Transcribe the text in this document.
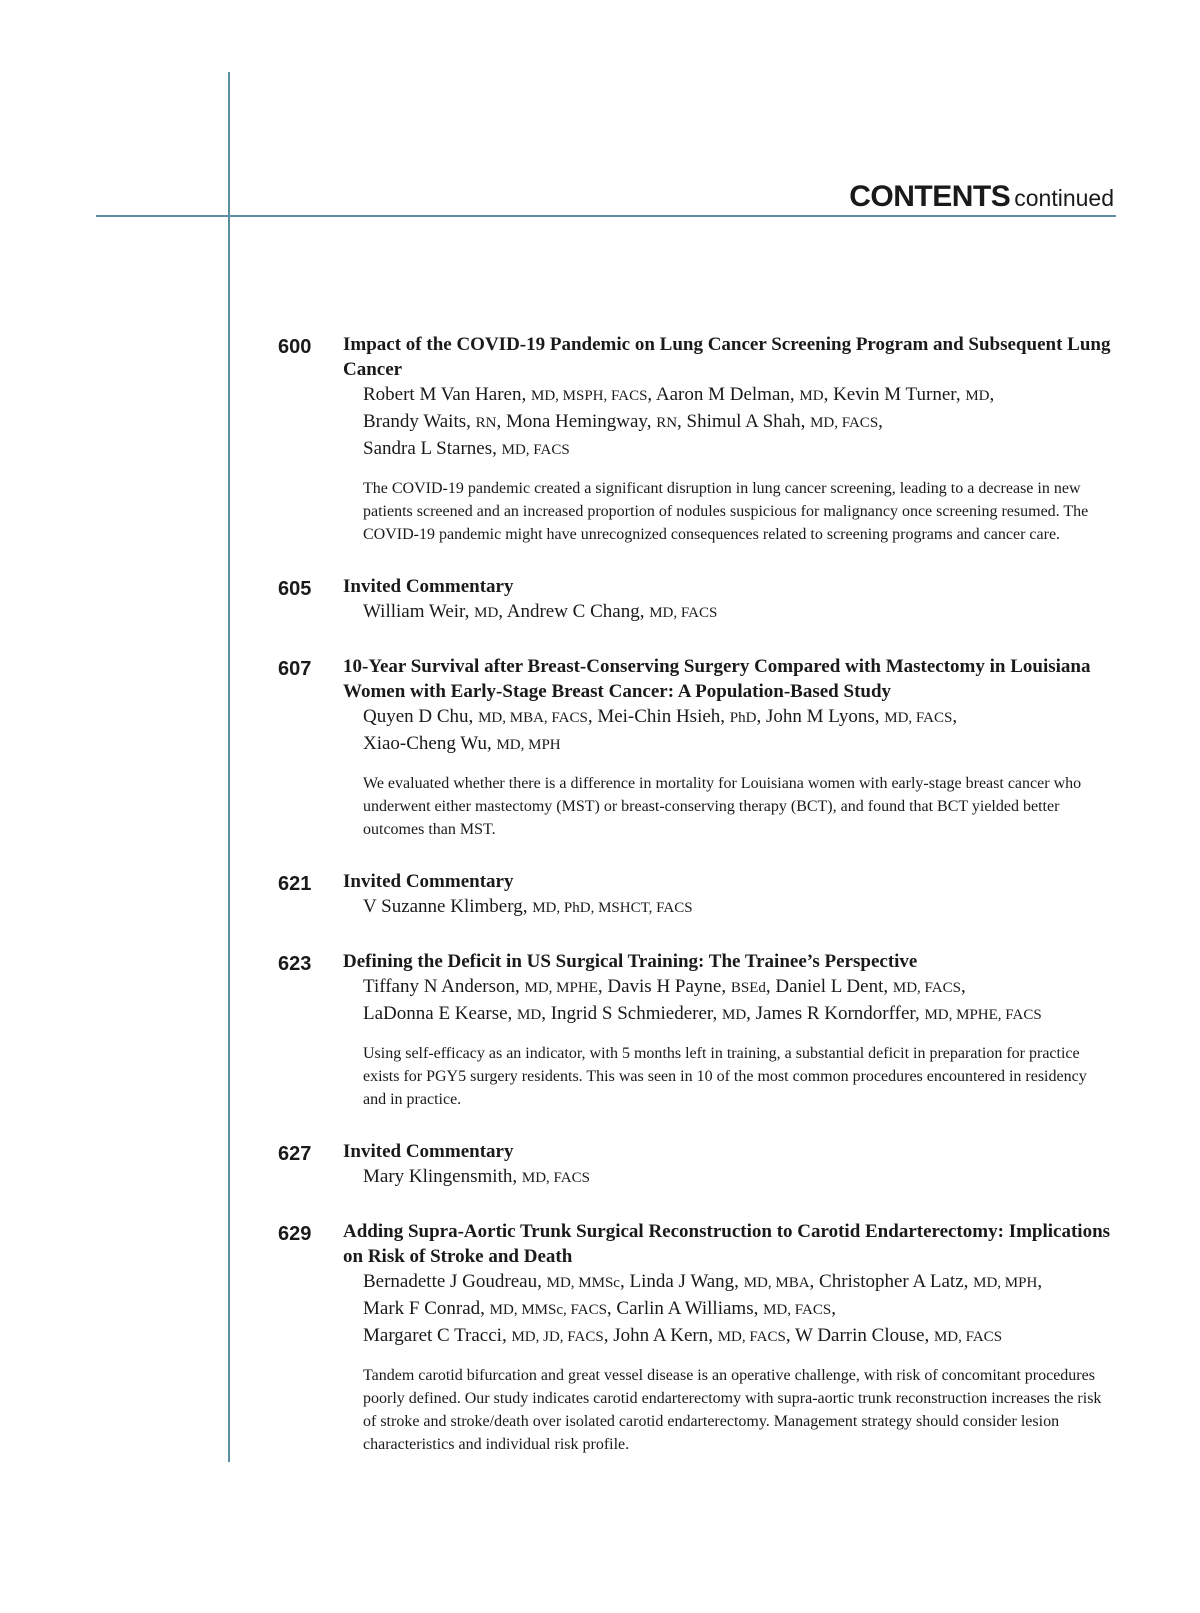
CONTENTS continued
600 Impact of the COVID-19 Pandemic on Lung Cancer Screening Program and Subsequent Lung Cancer
Robert M Van Haren, MD, MSPH, FACS, Aaron M Delman, MD, Kevin M Turner, MD,
Brandy Waits, RN, Mona Hemingway, RN, Shimul A Shah, MD, FACS,
Sandra L Starnes, MD, FACS
The COVID-19 pandemic created a significant disruption in lung cancer screening, leading to a decrease in new patients screened and an increased proportion of nodules suspicious for malignancy once screening resumed. The COVID-19 pandemic might have unrecognized consequences related to screening programs and cancer care.
605 Invited Commentary
William Weir, MD, Andrew C Chang, MD, FACS
607 10-Year Survival after Breast-Conserving Surgery Compared with Mastectomy in Louisiana Women with Early-Stage Breast Cancer: A Population-Based Study
Quyen D Chu, MD, MBA, FACS, Mei-Chin Hsieh, PhD, John M Lyons, MD, FACS,
Xiao-Cheng Wu, MD, MPH
We evaluated whether there is a difference in mortality for Louisiana women with early-stage breast cancer who underwent either mastectomy (MST) or breast-conserving therapy (BCT), and found that BCT yielded better outcomes than MST.
621 Invited Commentary
V Suzanne Klimberg, MD, PhD, MSHCT, FACS
623 Defining the Deficit in US Surgical Training: The Trainee’s Perspective
Tiffany N Anderson, MD, MPHE, Davis H Payne, BSEd, Daniel L Dent, MD, FACS,
LaDonna E Kearse, MD, Ingrid S Schmiederer, MD, James R Korndorffer, MD, MPHE, FACS
Using self-efficacy as an indicator, with 5 months left in training, a substantial deficit in preparation for practice exists for PGY5 surgery residents. This was seen in 10 of the most common procedures encountered in residency and in practice.
627 Invited Commentary
Mary Klingensmith, MD, FACS
629 Adding Supra-Aortic Trunk Surgical Reconstruction to Carotid Endarterectomy: Implications on Risk of Stroke and Death
Bernadette J Goudreau, MD, MMSc, Linda J Wang, MD, MBA, Christopher A Latz, MD, MPH,
Mark F Conrad, MD, MMSc, FACS, Carlin A Williams, MD, FACS,
Margaret C Tracci, MD, JD, FACS, John A Kern, MD, FACS, W Darrin Clouse, MD, FACS
Tandem carotid bifurcation and great vessel disease is an operative challenge, with risk of concomitant procedures poorly defined. Our study indicates carotid endarterectomy with supra-aortic trunk reconstruction increases the risk of stroke and stroke/death over isolated carotid endarterectomy. Management strategy should consider lesion characteristics and individual risk profile.
